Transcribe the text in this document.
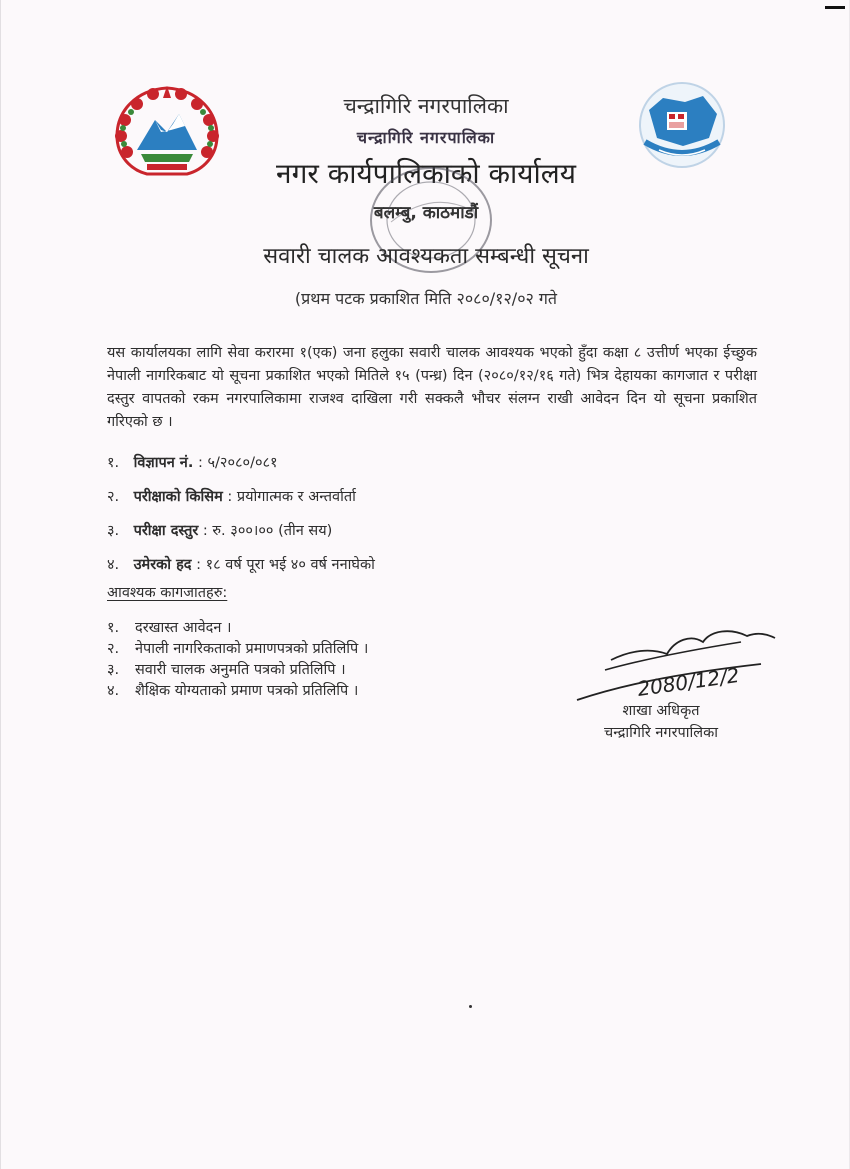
चन्द्रागिरि नगरपालिका
चन्द्रागिरि नगरपालिका
नगर कार्यपालिकाको कार्यालय
बलम्बु, काठमाडौं
सवारी चालक आवश्यकता सम्बन्धी सूचना
(प्रथम पटक प्रकाशित मिति २०८०/१२/०२ गते
यस कार्यालयका लागि सेवा करारमा १(एक) जना हलुका सवारी चालक आवश्यक भएको हुँदा कक्षा ८ उत्तीर्ण भएका ईच्छुक नेपाली नागरिकबाट यो सूचना प्रकाशित भएको मितिले १५ (पन्ध्र) दिन (२०८०/१२/१६ गते) भित्र देहायका कागजात र परीक्षा दस्तुर वापतको रकम नगरपालिकामा राजश्व दाखिला गरी सक्कलै भौचर संलग्न राखी आवेदन दिन यो सूचना प्रकाशित गरिएको छ ।
१. विज्ञापन नं. : ५/२०८०/०८१
२. परीक्षाको किसिम : प्रयोगात्मक र अन्तर्वार्ता
३. परीक्षा दस्तुर : रु. ३००।०० (तीन सय)
४. उमेरको हद : १८ वर्ष पूरा भई ४० वर्ष ननाघेको
आवश्यक कागजातहरु:
१. दरखास्त आवेदन ।
२. नेपाली नागरिकताको प्रमाणपत्रको प्रतिलिपि ।
३. सवारी चालक अनुमति पत्रको प्रतिलिपि ।
४. शैक्षिक योग्यताको प्रमाण पत्रको प्रतिलिपि ।	2080/12/2
शाखा अधिकृत
चन्द्रागिरि नगरपालिका
